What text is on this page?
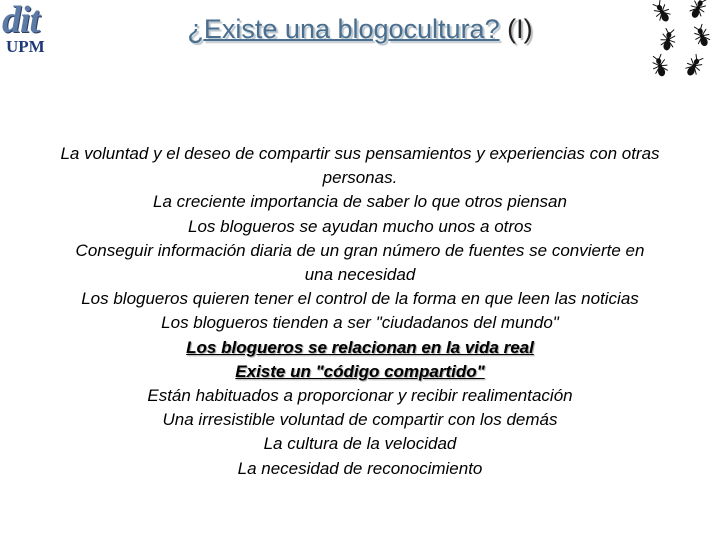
dit
UPM
¿Existe una blogocultura? (I)
La voluntad y el deseo de compartir sus pensamientos y experiencias con otras
personas.
La creciente importancia de saber lo que otros piensan
Los blogueros se ayudan mucho unos a otros
Conseguir información diaria de un gran número de fuentes se convierte en
una necesidad
Los blogueros quieren tener el control de la forma en que leen las noticias
Los blogueros tienden a ser "ciudadanos del mundo"
Los blogueros se relacionan en la vida real
Existe un "código compartido"
Están habituados a proporcionar y recibir realimentación
Una irresistible voluntad de compartir con los demás
La cultura de la velocidad
La necesidad de reconocimiento
